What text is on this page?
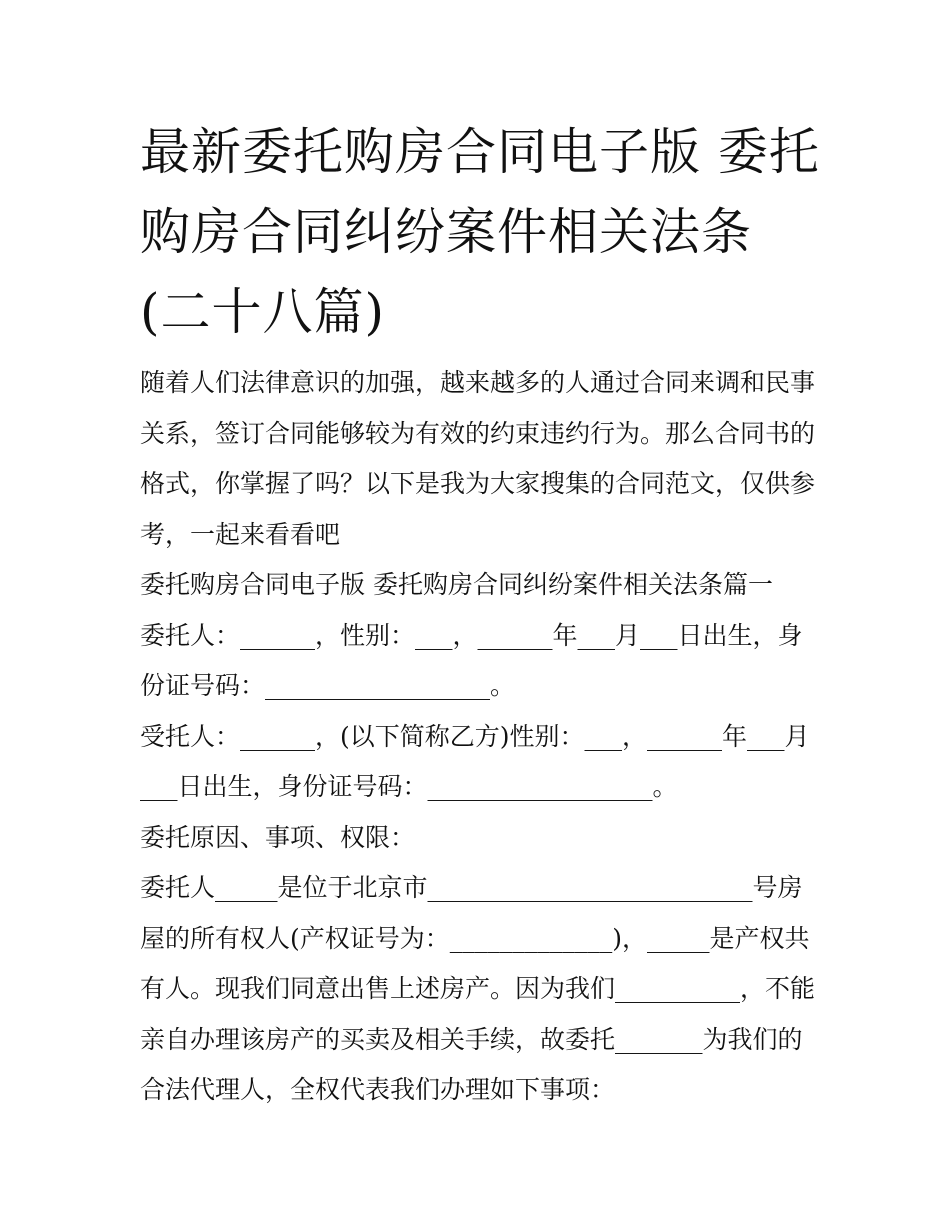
最新委托购房合同电子版 委托购房合同纠纷案件相关法条(二十八篇)

随着人们法律意识的加强，越来越多的人通过合同来调和民事关系，签订合同能够较为有效的约束违约行为。那么合同书的格式，你掌握了吗？以下是我为大家搜集的合同范文，仅供参考，一起来看看吧

委托购房合同电子版 委托购房合同纠纷案件相关法条篇一

委托人：______，性别：___，______年___月___日出生，身份证号码：__________________。

受托人：______，(以下简称乙方)性别：___，______年___月___日出生，身份证号码：__________________。

委托原因、事项、权限：

委托人_____是位于北京市__________________________号房屋的所有权人(产权证号为：_____________)，_____是产权共有人。现我们同意出售上述房产。因为我们__________，不能亲自办理该房产的买卖及相关手续，故委托_______为我们的合法代理人，全权代表我们办理如下事项：
